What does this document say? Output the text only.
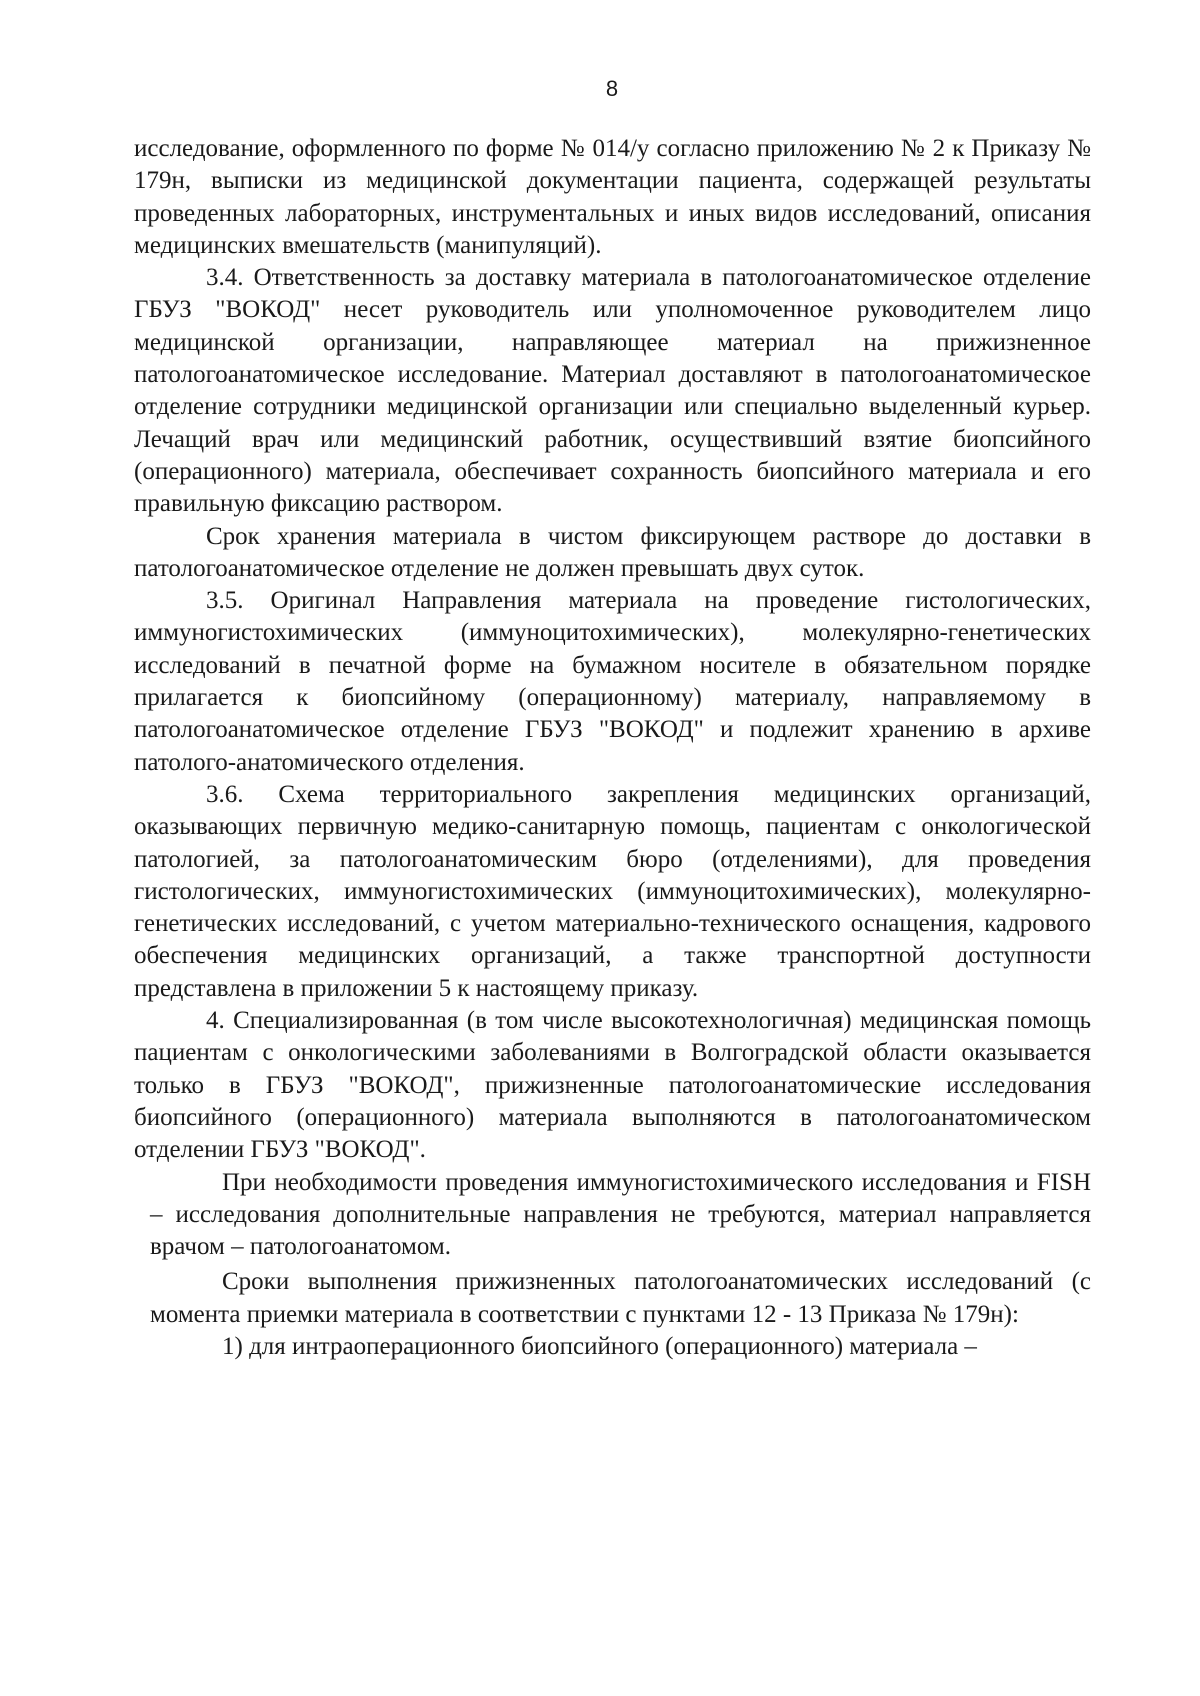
8

исследование, оформленного по форме № 014/у согласно приложению № 2 к Приказу № 179н, выписки из медицинской документации пациента, содержащей результаты проведенных лабораторных, инструментальных и иных видов исследований, описания медицинских вмешательств (манипуляций).

3.4. Ответственность за доставку материала в патологоанатомическое отделение ГБУЗ "ВОКОД" несет руководитель или уполномоченное руководителем лицо медицинской организации, направляющее материал на прижизненное патологоанатомическое исследование. Материал доставляют в патологоанатомическое отделение сотрудники медицинской организации или специально выделенный курьер. Лечащий врач или медицинский работник, осуществивший взятие биопсийного (операционного) материала, обеспечивает сохранность биопсийного материала и его правильную фиксацию раствором.

Срок хранения материала в чистом фиксирующем растворе до доставки в патологоанатомическое отделение не должен превышать двух суток.

3.5. Оригинал Направления материала на проведение гистологических, иммуногистохимических (иммуноцитохимических), молекулярно-генетических исследований в печатной форме на бумажном носителе в обязательном порядке прилагается к биопсийному (операционному) материалу, направляемому в патологоанатомическое отделение ГБУЗ "ВОКОД" и подлежит хранению в архиве патолого-анатомического отделения.

3.6. Схема территориального закрепления медицинских организаций, оказывающих первичную медико-санитарную помощь, пациентам с онкологической патологией, за патологоанатомическим бюро (отделениями), для проведения гистологических, иммуногистохимических (иммуноцитохимических), молекулярно-генетических исследований, с учетом материально-технического оснащения, кадрового обеспечения медицинских организаций, а также транспортной доступности представлена в приложении 5 к настоящему приказу.

4. Специализированная (в том числе высокотехнологичная) медицинская помощь пациентам с онкологическими заболеваниями в Волгоградской области оказывается только в ГБУЗ "ВОКОД", прижизненные патологоанатомические исследования биопсийного (операционного) материала выполняются в патологоанатомическом отделении ГБУЗ "ВОКОД".

При необходимости проведения иммуногистохимического исследования и FISH – исследования дополнительные направления не требуются, материал направляется врачом – патологоанатомом.

Сроки выполнения прижизненных патологоанатомических исследований (с момента приемки материала в соответствии с пунктами 12 - 13 Приказа № 179н):

1) для интраоперационного биопсийного (операционного) материала –
